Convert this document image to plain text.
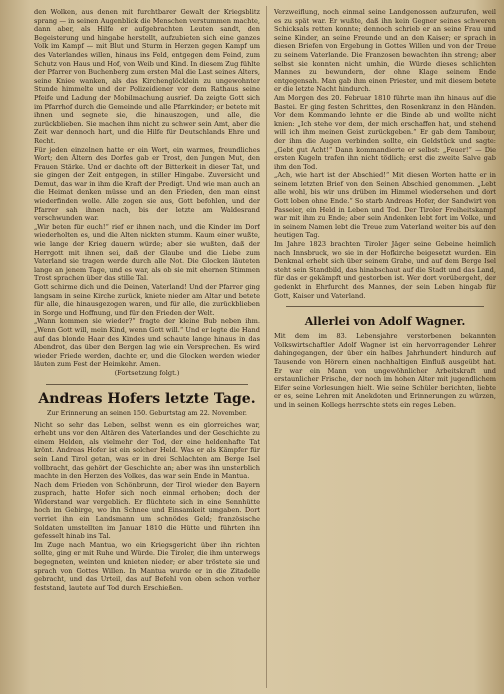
den Wolken, aus denen mit furchtbarer Gewalt der Kriegsblitz sprang — in seinen Augenblick die Menschen verstummen machte, dann aber, als Hilfe er aufgebrachten Leuten sandt, den Begeisterung und hingabe herstellt, aufzubieten sich eine ganzes Volk im Kampf — mit Blut und Sturm in Herzen gegen Kampf um des Vaterlandes willen, hinaus ins Feld, entgegen dem Feind, zum Schutz von Haus und Hof, von Weib und Kind. In diesem Zug fühlte der Pfarrer von Buchenberg zum ersten Mal die Last seines Alters, seine Kniee wanken, als das Kirchenglöcklein zu ungewohnter Stunde himmelte und der Polizeidiener vor dem Rathaus seine Pfeife und Ladung der Mobilmachung ausrief. Da zeigte Gott sich im Pfarrhof durch die Gemeinde und alle Pfarrkinder; er betete mit ihnen und segnete sie, die hinauszogen, und alle, die zurückblieben. Sie machen ihm nicht zu schwer sein Amt, aber die Zeit war dennoch hart, und die Hilfe für Deutschlands Ehre und Recht.

Für jeden einzelnen hatte er ein Wort, ein warmes, freundliches Wort; den Ältern des Dorfes gab er Trost, den Jungen Mut, den Frauen Stärke. Und er dachte oft der Bitterkeit in dieser Tat, und sie gingen der Zeit entgegen, in stiller Hingabe. Zuversicht und Demut, das war in ihm die Kraft der Predigt. Und wie man auch an die Heimat denken müsse und an den Frieden, den man einst wiederfinden wolle. Alle zogen sie aus, Gott befohlen, und der Pfarrer sah ihnen nach, bis der letzte am Waldesrand verschwunden war.

„Wir beten für euch!“ rief er ihnen nach, und die Kinder im Dorf wiederholten es, und die Alten nickten stumm. Kaum einer wußte, wie lange der Krieg dauern würde; aber sie wußten, daß der Herrgott mit ihnen sei, daß der Glaube und die Liebe zum Vaterland sie tragen werde durch alle Not. Die Glocken läuteten lange an jenem Tage, und es war, als ob sie mit ehernen Stimmen Trost sprachen über das stille Tal.

Gott schirme dich und die Deinen, Vaterland! Und der Pfarrer ging langsam in seine Kirche zurück, kniete nieder am Altar und betete für alle, die hinausgezogen waren, und für alle, die zurückblieben in Sorge und Hoffnung, und für den Frieden der Welt.

„Wann kommen sie wieder?“ fragte der kleine Bub neben ihm. „Wenn Gott will, mein Kind, wenn Gott will.“ Und er legte die Hand auf das blonde Haar des Kindes und schaute lange hinaus in das Abendrot, das über den Bergen lag wie ein Versprechen. Es wird wieder Friede werden, dachte er, und die Glocken werden wieder läuten zum Fest der Heimkehr. Amen.

(Fortsetzung folgt.)

Andreas Hofers letzte Tage.
Zur Erinnerung an seinen 150. Geburtstag am 22. November.

Nicht so sehr das Leben, selbst wenn es ein glorreiches war, erhebt uns vor den Altären des Vaterlandes und der Geschichte zu einem Helden, als vielmehr der Tod, der eine heldenhafte Tat krönt. Andreas Hofer ist ein solcher Held. Was er als Kämpfer für sein Land Tirol getan, was er in drei Schlachten am Berge Isel vollbracht, das gehört der Geschichte an; aber was ihn unsterblich machte in den Herzen des Volkes, das war sein Ende in Mantua.

Nach dem Frieden von Schönbrunn, der Tirol wieder den Bayern zusprach, hatte Hofer sich noch einmal erhoben; doch der Widerstand war vergeblich. Er flüchtete sich in eine Sennhütte hoch im Gebirge, wo ihn Schnee und Einsamkeit umgaben. Dort verriet ihn ein Landsmann um schnödes Geld; französische Soldaten umstellten im Januar 1810 die Hütte und führten ihn gefesselt hinab ins Tal.

Im Zuge nach Mantua, wo ein Kriegsgericht über ihn richten sollte, ging er mit Ruhe und Würde. Die Tiroler, die ihm unterwegs begegneten, weinten und knieten nieder; er aber tröstete sie und sprach von Gottes Willen. In Mantua wurde er in die Zitadelle gebracht, und das Urteil, das auf Befehl von oben schon vorher feststand, lautete auf Tod durch Erschießen.

Verzweiflung, noch einmal seine Landgenossen aufzurufen, weil es zu spät war. Er wußte, daß ihn kein Gegner seines schweren Schicksals retten konnte; dennoch schrieb er an seine Frau und seine Kinder, an seine Freunde und an den Kaiser; er sprach in diesen Briefen von Ergebung in Gottes Willen und von der Treue zu seinem Vaterlande. Die Franzosen bewachten ihn streng; aber selbst sie konnten nicht umhin, die Würde dieses schlichten Mannes zu bewundern, der ohne Klage seinem Ende entgegensah. Man gab ihm einen Priester, und mit diesem betete er die letzte Nacht hindurch.

Am Morgen des 20. Februar 1810 führte man ihn hinaus auf die Bastei. Er ging festen Schrittes, den Rosenkranz in den Händen. Vor dem Kommando lehnte er die Binde ab und wollte nicht knien: „Ich stehe vor dem, der mich erschaffen hat, und stehend will ich ihm meinen Geist zurückgeben.“ Er gab dem Tambour, der ihm die Augen verbinden sollte, ein Geldstück und sagte: „Gebt gut Acht!“ Dann kommandierte er selbst: „Feuer!“ — Die ersten Kugeln trafen ihn nicht tödlich; erst die zweite Salve gab ihm den Tod.

„Ach, wie hart ist der Abschied!“ Mit diesen Worten hatte er in seinem letzten Brief von den Seinen Abschied genommen. „Lebt alle wohl, bis wir uns drüben im Himmel wiedersehen und dort Gott loben ohne Ende.“ So starb Andreas Hofer, der Sandwirt von Passeier, ein Held in Leben und Tod. Der Tiroler Freiheitskampf war mit ihm zu Ende; aber sein Andenken lebt fort im Volke, und in seinem Namen lebt die Treue zum Vaterland weiter bis auf den heutigen Tag.

Im Jahre 1823 brachten Tiroler Jäger seine Gebeine heimlich nach Innsbruck, wo sie in der Hofkirche beigesetzt wurden. Ein Denkmal erhebt sich über seinem Grabe, und auf dem Berge Isel steht sein Standbild, das hinabschaut auf die Stadt und das Land, für das er gekämpft und gestorben ist. Wer dort vorübergeht, der gedenkt in Ehrfurcht des Mannes, der sein Leben hingab für Gott, Kaiser und Vaterland.

Allerlei von Adolf Wagner.

Mit dem im 83. Lebensjahre verstorbenen bekannten Volkswirtschaftler Adolf Wagner ist ein hervorragender Lehrer dahingegangen, der über ein halbes Jahrhundert hindurch auf Tausende von Hörern einen nachhaltigen Einfluß ausgeübt hat. Er war ein Mann von ungewöhnlicher Arbeitskraft und erstaunlicher Frische, der noch im hohen Alter mit jugendlichem Eifer seine Vorlesungen hielt. Wie seine Schüler berichten, liebte er es, seine Lehren mit Anekdoten und Erinnerungen zu würzen, und in seinen Kollegs herrschte stets ein reges Leben.
